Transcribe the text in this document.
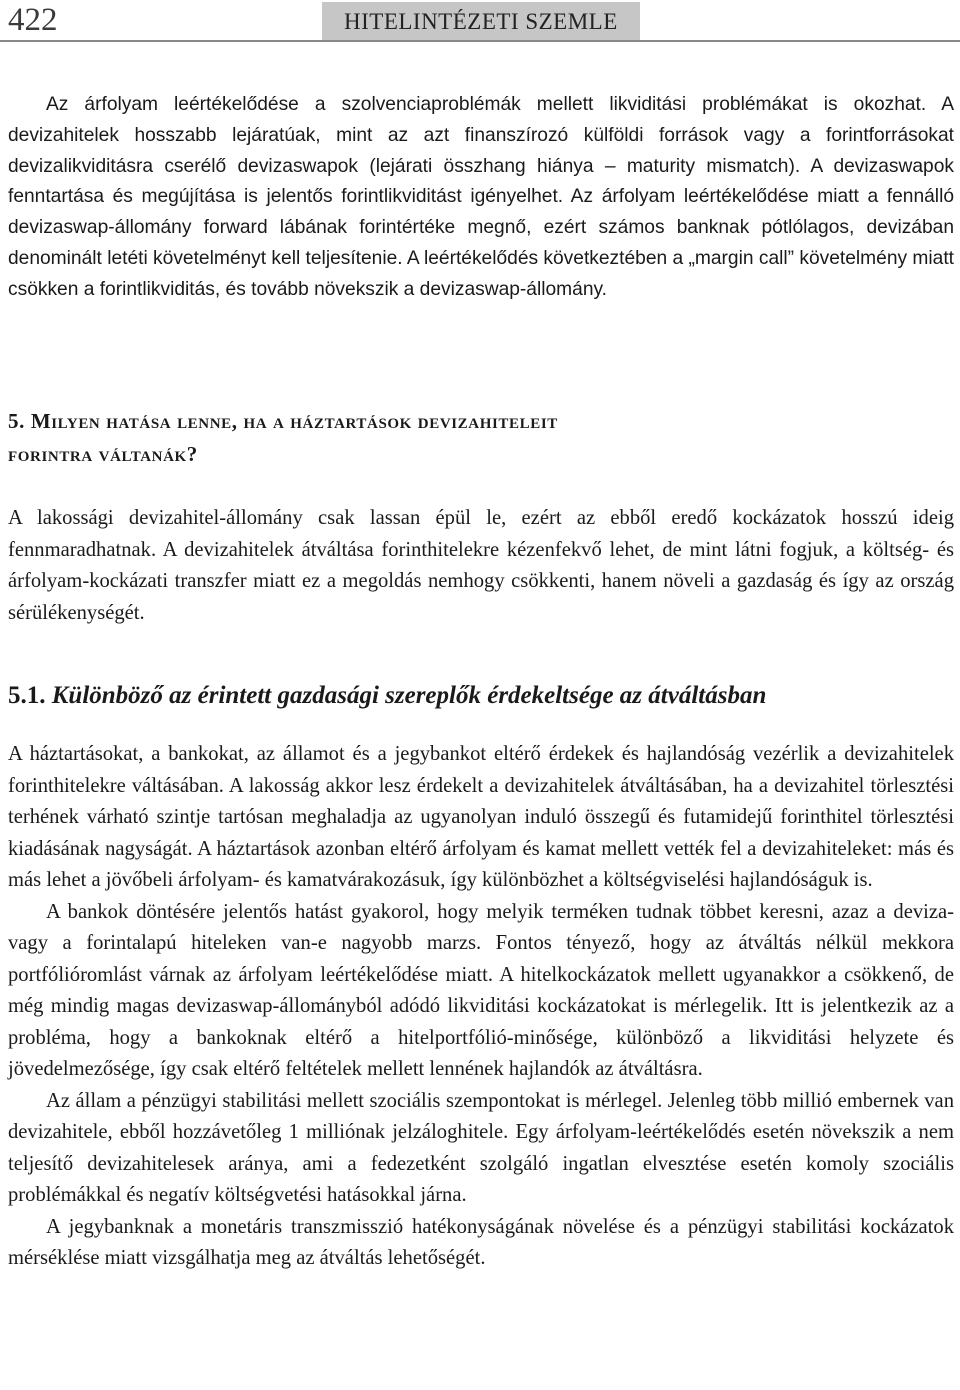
422	HITELINTÉZETI SZEMLE

Az árfolyam leértékelődése a szolvenciaproblémák mellett likviditási problémákat is okozhat. A devizahitelek hosszabb lejáratúak, mint az azt finanszírozó külföldi források vagy a forintforrásokat devizalikviditásra cserélő devizaswapok (lejárati összhang hiánya – maturity mismatch). A devizaswapok fenntartása és megújítása is jelentős forintlikviditást igényelhet. Az árfolyam leértékelődése miatt a fennálló devizaswap-állomány forward lábának forintértéke megnő, ezért számos banknak pótlólagos, devizában denominált letéti követelményt kell teljesítenie. A leértékelődés következtében a „margin call” követelmény miatt csökken a forintlikviditás, és tovább növekszik a devizaswap-állomány.

5. Milyen hatása lenne, ha a háztartások devizahiteleit
forintra váltanák?

A lakossági devizahitel-állomány csak lassan épül le, ezért az ebből eredő kockázatok hosszú ideig fennmaradhatnak. A devizahitelek átváltása forinthitelekre kézenfekvő lehet, de mint látni fogjuk, a költség- és árfolyam-kockázati transzfer miatt ez a megoldás nemhogy csökkenti, hanem növeli a gazdaság és így az ország sérülékenységét.

5.1. Különböző az érintett gazdasági szereplők érdekeltsége az átváltásban

A háztartásokat, a bankokat, az államot és a jegybankot eltérő érdekek és hajlandóság vezérlik a devizahitelek forinthitelekre váltásában. A lakosság akkor lesz érdekelt a devizahitelek átváltásában, ha a devizahitel törlesztési terhének várható szintje tartósan meghaladja az ugyanolyan induló összegű és futamidejű forinthitel törlesztési kiadásának nagyságát. A háztartások azonban eltérő árfolyam és kamat mellett vették fel a devizahiteleket: más és más lehet a jövőbeli árfolyam- és kamatvárakozásuk, így különbözhet a költségviselési hajlandóságuk is.

A bankok döntésére jelentős hatást gyakorol, hogy melyik terméken tudnak többet keresni, azaz a deviza- vagy a forintalapú hiteleken van-e nagyobb marzs. Fontos tényező, hogy az átváltás nélkül mekkora portfólióromlást várnak az árfolyam leértékelődése miatt. A hitelkockázatok mellett ugyanakkor a csökkenő, de még mindig magas devizaswap-állományból adódó likviditási kockázatokat is mérlegelik. Itt is jelentkezik az a probléma, hogy a bankoknak eltérő a hitelportfólió-minősége, különböző a likviditási helyzete és jövedelmezősége, így csak eltérő feltételek mellett lennének hajlandók az átváltásra.

Az állam a pénzügyi stabilitási mellett szociális szempontokat is mérlegel. Jelenleg több millió embernek van devizahitele, ebből hozzávetőleg 1 milliónak jelzáloghitele. Egy árfolyam-leértékelődés esetén növekszik a nem teljesítő devizahitelesek aránya, ami a fedezetként szolgáló ingatlan elvesztése esetén komoly szociális problémákkal és negatív költségvetési hatásokkal járna.

A jegybanknak a monetáris transzmisszió hatékonyságának növelése és a pénzügyi stabilitási kockázatok mérséklése miatt vizsgálhatja meg az átváltás lehetőségét.
